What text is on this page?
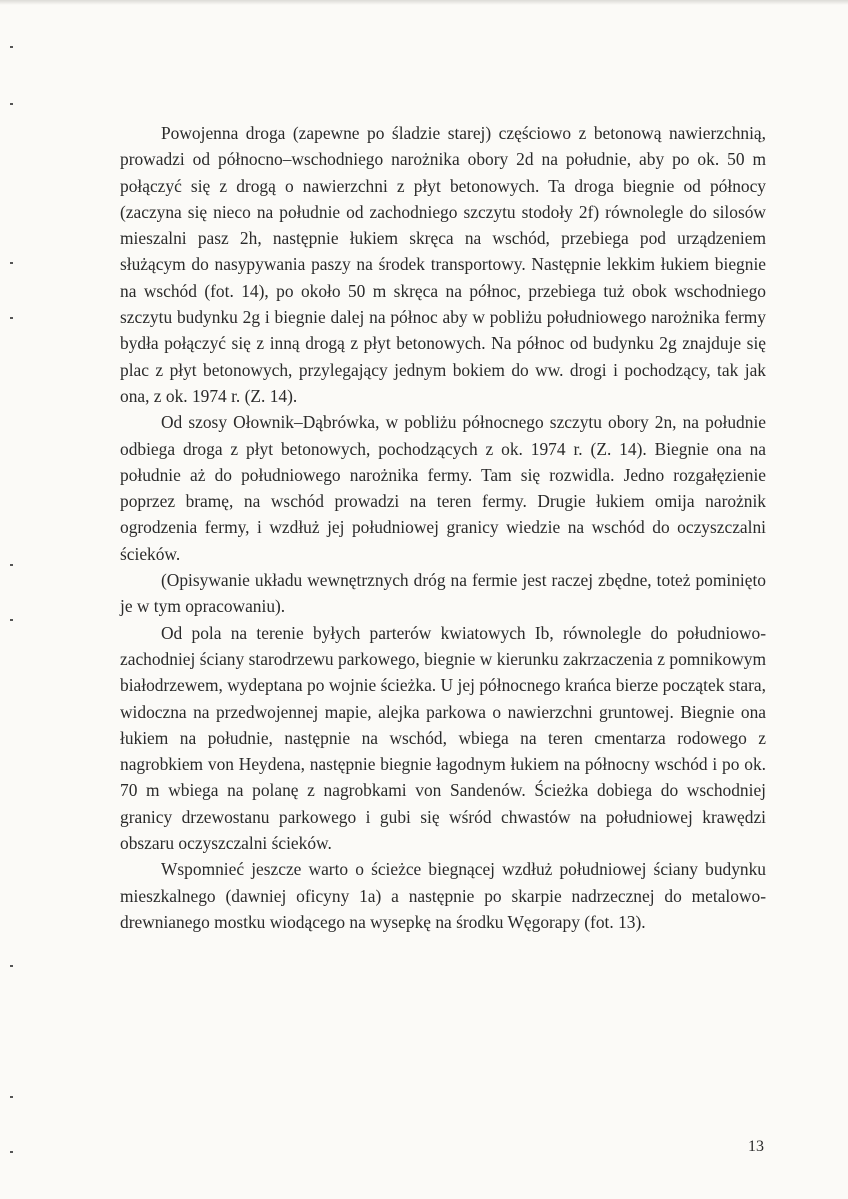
Powojenna droga (zapewne po śladzie starej) częściowo z betonową nawierzchnią, prowadzi od północno–wschodniego narożnika obory 2d na południe, aby po ok. 50 m połączyć się z drogą o nawierzchni z płyt betonowych. Ta droga biegnie od północy (zaczyna się nieco na południe od zachodniego szczytu stodoły 2f) równolegle do silosów mieszalni pasz 2h, następnie łukiem skręca na wschód, przebiega pod urządzeniem służącym do nasypywania paszy na środek transportowy. Następnie lekkim łukiem biegnie na wschód (fot. 14), po około 50 m skręca na północ, przebiega tuż obok wschodniego szczytu budynku 2g i biegnie dalej na północ aby w pobliżu południowego narożnika fermy bydła połączyć się z inną drogą z płyt betonowych. Na północ od budynku 2g znajduje się plac z płyt betonowych, przylegający jednym bokiem do ww. drogi i pochodzący, tak jak ona, z ok. 1974 r. (Z. 14).

Od szosy Ołownik–Dąbrówka, w pobliżu północnego szczytu obory 2n, na południe odbiega droga z płyt betonowych, pochodzących z ok. 1974 r. (Z. 14). Biegnie ona na południe aż do południowego narożnika fermy. Tam się rozwidla. Jedno rozgałęzienie poprzez bramę, na wschód prowadzi na teren fermy. Drugie łukiem omija narożnik ogrodzenia fermy, i wzdłuż jej południowej granicy wiedzie na wschód do oczyszczalni ścieków.

(Opisywanie układu wewnętrznych dróg na fermie jest raczej zbędne, toteż pominięto je w tym opracowaniu).

Od pola na terenie byłych parterów kwiatowych Ib, równolegle do południowo-zachodniej ściany starodrzewu parkowego, biegnie w kierunku zakrzaczenia z pomnikowym białodrzewem, wydeptana po wojnie ścieżka. U jej północnego krańca bierze początek stara, widoczna na przedwojennej mapie, alejka parkowa o nawierzchni gruntowej. Biegnie ona łukiem na południe, następnie na wschód, wbiega na teren cmentarza rodowego z nagrobkiem von Heydena, następnie biegnie łagodnym łukiem na północny wschód i po ok. 70 m wbiega na polanę z nagrobkami von Sandenów. Ścieżka dobiega do wschodniej granicy drzewostanu parkowego i gubi się wśród chwastów na południowej krawędzi obszaru oczyszczalni ścieków.

Wspomnieć jeszcze warto o ścieżce biegnącej wzdłuż południowej ściany budynku mieszkalnego (dawniej oficyny 1a) a następnie po skarpie nadrzecznej do metalowo-drewnianego mostku wiodącego na wysepkę na środku Węgorapy (fot. 13).

13
